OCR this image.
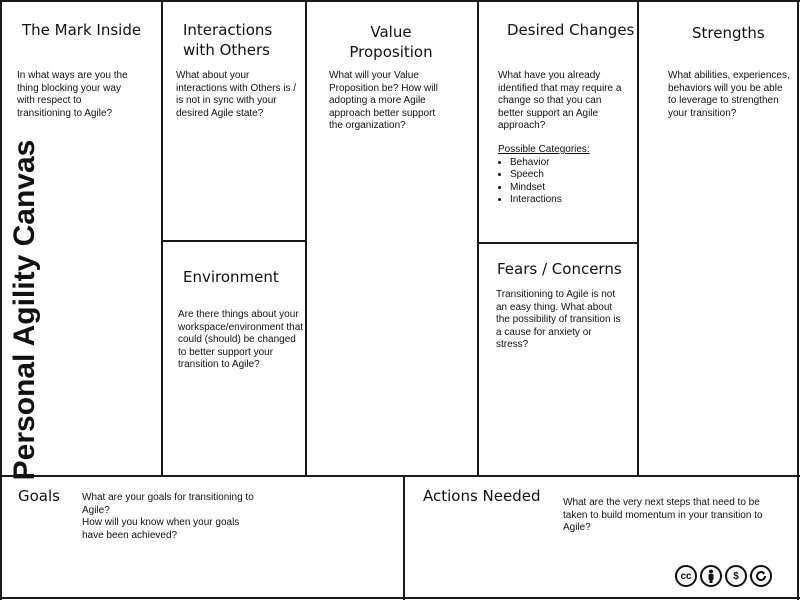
Personal Agility Canvas
The Mark Inside
In what ways are you the thing blocking your way with respect to transitioning to Agile?
Interactions
with Others
What about your interactions with Others is / is not in sync with your desired Agile state?
Environment
Are there things about your workspace/environment that could (should) be changed to better support your transition to Agile?
Value
Proposition
What will your Value Proposition be? How will adopting a more Agile approach better support the organization?
Desired Changes
What have you already identified that may require a change so that you can better support an Agile approach?
Possible Categories:
• Behavior
• Speech
• Mindset
• Interactions
Fears / Concerns
Transitioning to Agile is not an easy thing. What about the possibility of transition is a cause for anxiety or stress?
Strengths
What abilities, experiences, behaviors will you be able to leverage to strengthen your transition?
Goals What are your goals for transitioning to Agile?
How will you know when your goals have been achieved?
Actions Needed What are the very next steps that need to be taken to build momentum in your transition to Agile?
cc	$
